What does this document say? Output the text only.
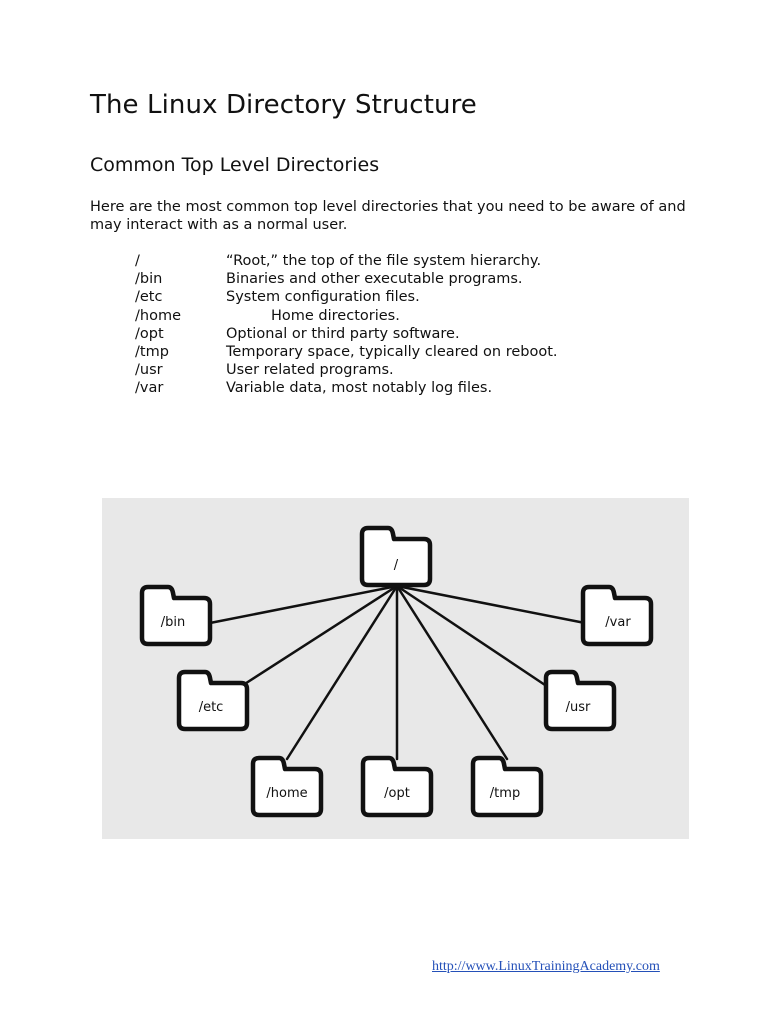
The Linux Directory Structure
Common Top Level Directories

Here are the most common top level directories that you need to be aware of and may interact with as a normal user.

/	“Root,” the top of the file system hierarchy.
/bin	Binaries and other executable programs.
/etc	System configuration files.
/home	Home directories.
/opt	Optional or third party software.
/tmp	Temporary space, typically cleared on reboot.
/usr	User related programs.
/var	Variable data, most notably log files.
/
/bin
/etc
/home	/opt	/tmp
/usr
/var
http://www.LinuxTrainingAcademy.com
